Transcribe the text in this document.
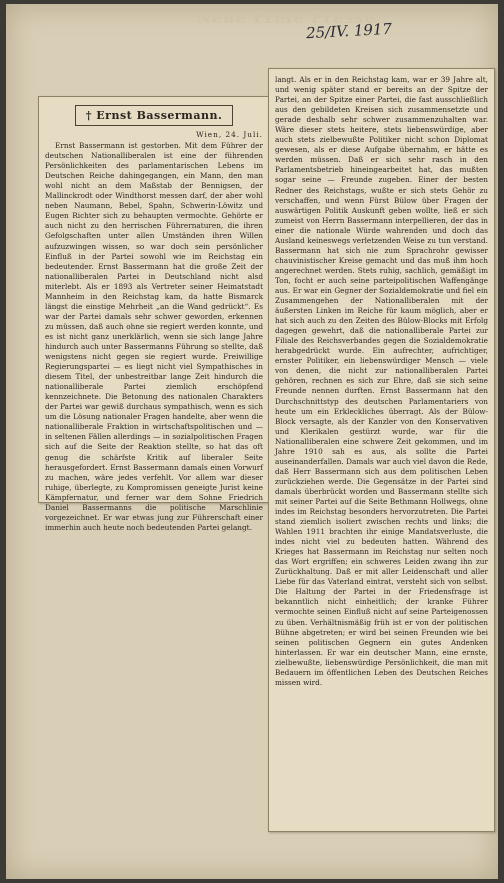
Neue Freie Presse
25/IV. 1917
† Ernst Bassermann.
Wien, 24. Juli.

Ernst Bassermann ist gestorben. Mit dem Führer der deutschen Nationalliberalen ist eine der führenden Persönlichkeiten des parlamentarischen Lebens im Deutschen Reiche dahingegangen, ein Mann, den man wohl nicht an dem Maßstab der Bennigsen, der Mallinckrodt oder Windthorst messen darf, der aber wohl neben Naumann, Bebel, Spahn, Schwerin-Löwitz und Eugen Richter sich zu behaupten vermochte. Gehörte er auch nicht zu den herrischen Führernaturen, die ihren Gefolgschaften unter allen Umständen ihren Willen aufzuzwingen wissen, so war doch sein persönlicher Einfluß in der Partei sowohl wie im Reichstag ein bedeutender. Ernst Bassermann hat die große Zeit der nationalliberalen Partei in Deutschland nicht alsd miterlebt. Als er 1893 als Vertreter seiner Heimatstadt Mannheim in den Reichstag kam, da hatte Bismarck längst die einstige Mehrheit „an die Wand gedrückt“. Es war der Partei damals sehr schwer geworden, erkennen zu müssen, daß auch ohne sie regiert werden konnte, und es ist nicht ganz unerklärlich, wenn sie sich lange Jahre hindurch auch unter Bassermanns Führung so stellte, daß wenigstens nicht gegen sie regiert wurde. Freiwillige Regierungspartei — es liegt nicht viel Sympathisches in diesem Titel, der unbestreitbar lange Zeit hindurch die nationalliberale Partei ziemlich erschöpfend kennzeichnete. Die Betonung des nationalen Charakters der Partei war gewiß durchaus sympathisch, wenn es sich um die Lösung nationaler Fragen handelte, aber wenn die nationalliberale Fraktion in wirtschaftspolitischen und — in seltenen Fällen allerdings — in sozialpolitischen Fragen sich auf die Seite der Reaktion stellte, so hat das oft genug die schärfste Kritik auf liberaler Seite herausgefordert. Ernst Bassermann damals einen Vorwurf zu machen, wäre jedes verfehlt. Vor allem war dieser ruhige, überlegte, zu Kompromissen geneigte Jurist keine Kämpfernatur, und ferner war dem Sohne Friedrich Daniel Bassermanns die politische Marschlinie vorgezeichnet. Er war etwas jung zur Führerschaft einer immerhin auch heute noch bedeutenden Partei gelangt.

langt. Als er in den Reichstag kam, war er 39 Jahre alt, und wenig später stand er bereits an der Spitze der Partei, an der Spitze einer Partei, die fast ausschließlich aus den gebildeten Kreisen sich zusammensetzte und gerade deshalb sehr schwer zusammenzuhalten war. Wäre dieser stets heitere, stets liebenswürdige, aber auch stets zielbewußte Politiker nicht schon Diplomat gewesen, als er diese Aufgabe übernahm, er hätte es werden müssen. Daß er sich sehr rasch in den Parlamentsbetrieb hineingearbeitet hat, das mußten sogar seine — Freunde zugeben. Einer der besten Redner des Reichstags, wußte er sich stets Gehör zu verschaffen, und wenn Fürst Bülow über Fragen der auswärtigen Politik Auskunft geben wollte, ließ er sich zumeist von Herrn Bassermann interpellieren, der das in einer die nationale Würde wahrenden und doch das Ausland keineswegs verletzenden Weise zu tun verstand. Bassermann hat sich nie zum Sprachrohr gewisser chauvinistischer Kreise gemacht und das muß ihm hoch angerechnet werden. Stets ruhig, sachlich, gemäßigt im Ton, focht er auch seine parteipolitischen Waffengänge aus. Er war ein Gegner der Sozialdemokratie und fiel ein Zusammengehen der Nationalliberalen mit der äußersten Linken im Reiche für kaum möglich, aber er hat sich auch zu den Zeiten des Bülow-Blocks mit Erfolg dagegen gewehrt, daß die nationalliberale Partei zur Filiale des Reichsverbandes gegen die Sozialdemokratie herabgedrückt wurde. Ein aufrechter, aufrichtiger, ernster Politiker, ein liebenswürdiger Mensch — viele von denen, die nicht zur nationalliberalen Partei gehören, rechnen es sich zur Ehre, daß sie sich seine Freunde nennen durften. Ernst Bassermann hat den Durchschnittstyp des deutschen Parlamentariers von heute um ein Erkleckliches überragt. Als der Bülow-Block versagte, als der Kanzler von den Konservativen und Klerikalen gestürzt wurde, war für die Nationalliberalen eine schwere Zeit gekommen, und im Jahre 1910 sah es aus, als sollte die Partei auseinanderfallen. Damals war auch viel davon die Rede, daß Herr Bassermann sich aus dem politischen Leben zurückziehen werde. Die Gegensätze in der Partei sind damals überbrückt worden und Bassermann stellte sich mit seiner Partei auf die Seite Bethmann Hollwegs, ohne indes im Reichstag besonders hervorzutreten. Die Partei stand ziemlich isoliert zwischen rechts und links; die Wahlen 1911 brachten ihr einige Mandatsverluste, die indes nicht viel zu bedeuten hatten. Während des Krieges hat Bassermann im Reichstag nur selten noch das Wort ergriffen; ein schweres Leiden zwang ihn zur Zurückhaltung. Daß er mit aller Leidenschaft und aller Liebe für das Vaterland eintrat, versteht sich von selbst. Die Haltung der Partei in der Friedensfrage ist bekanntlich nicht einheitlich; der kranke Führer vermochte seinen Einfluß nicht auf seine Parteigenossen zu üben. Verhältnismäßig früh ist er von der politischen Bühne abgetreten; er wird bei seinen Freunden wie bei seinen politischen Gegnern ein gutes Andenken hinterlassen. Er war ein deutscher Mann, eine ernste, zielbewußte, liebenswürdige Persönlichkeit, die man mit Bedauern im öffentlichen Leben des Deutschen Reiches missen wird.
